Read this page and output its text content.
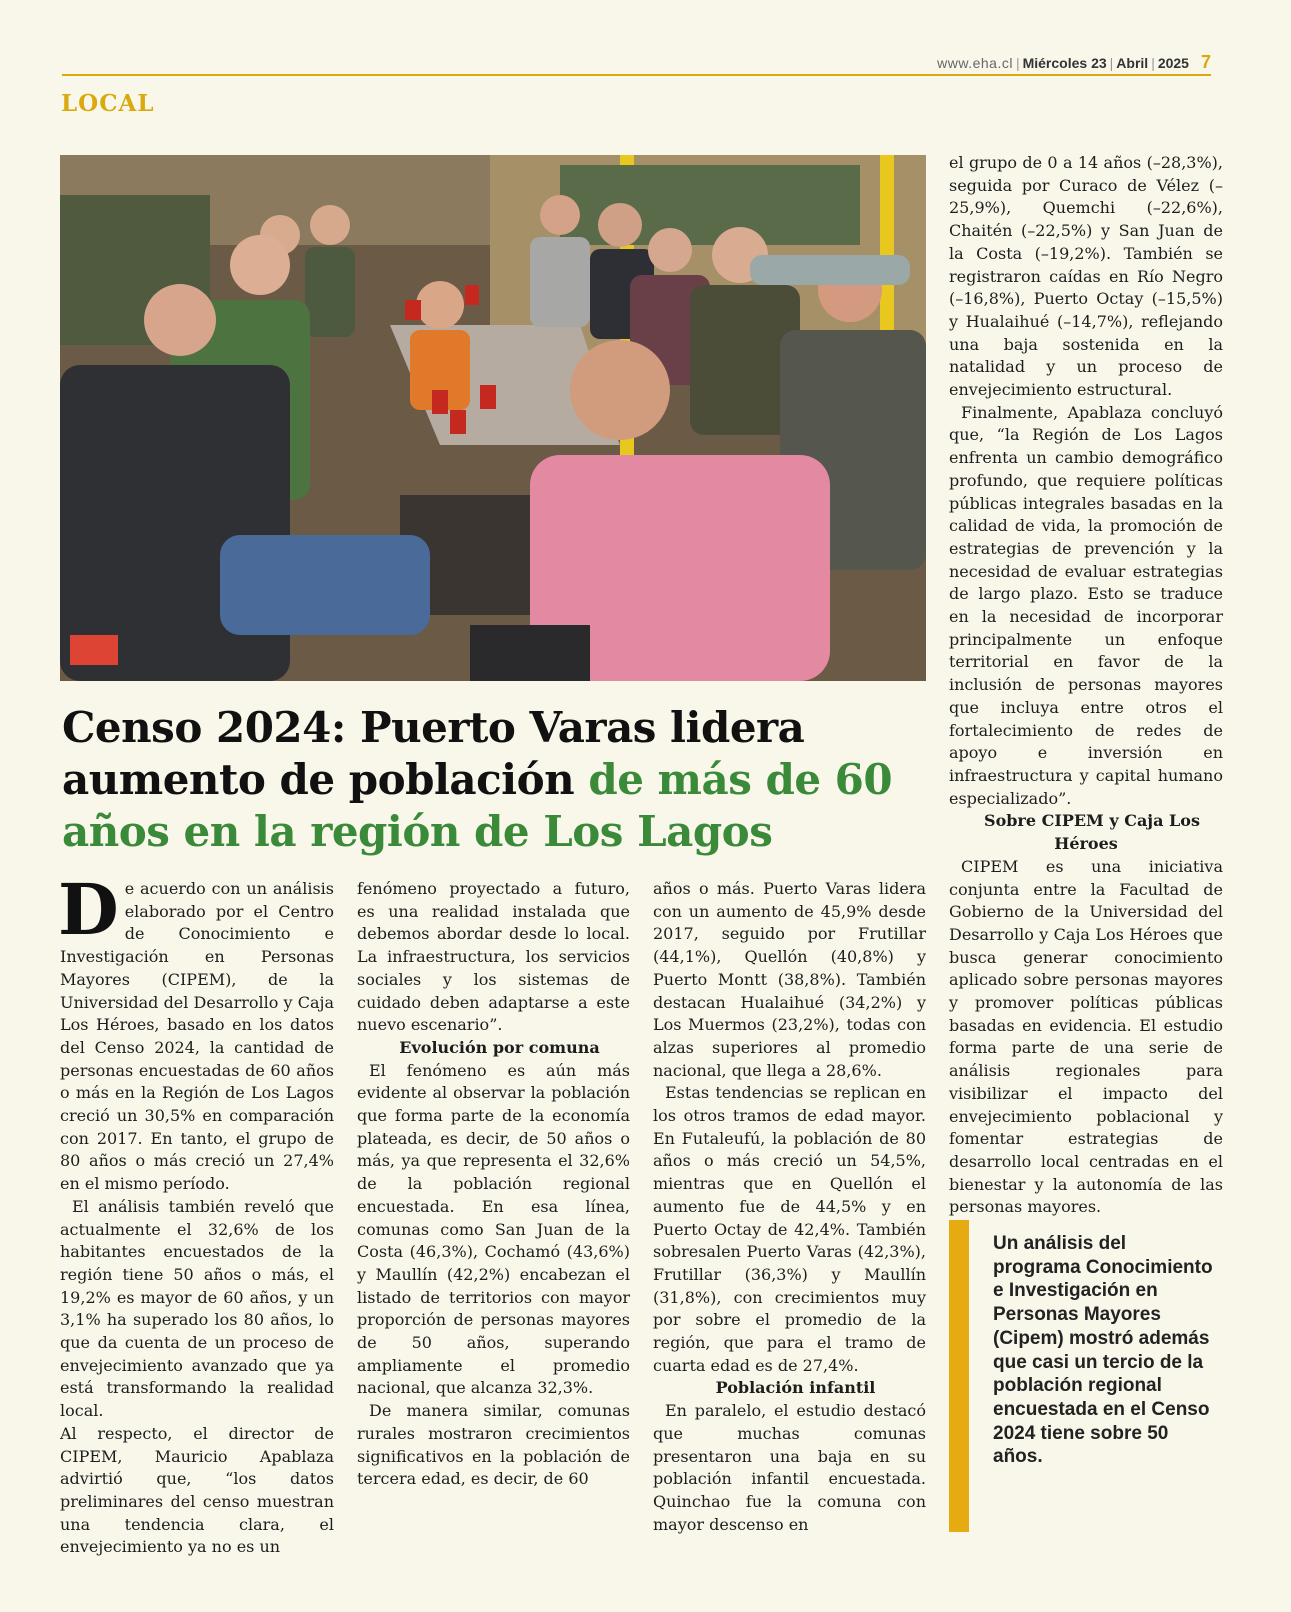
www.eha.cl | Miércoles 23 | Abril | 2025 7
LOCAL
Censo 2024: Puerto Varas lidera aumento de población de más de 60 años en la región de Los Lagos

De acuerdo con un análisis elaborado por el Centro de Conocimiento e Investigación en Personas Mayores (CIPEM), de la Universidad del Desarrollo y Caja Los Héroes, basado en los datos del Censo 2024, la cantidad de personas encuestadas de 60 años o más en la Región de Los Lagos creció un 30,5% en comparación con 2017. En tanto, el grupo de 80 años o más creció un 27,4% en el mismo período.

El análisis también reveló que actualmente el 32,6% de los habitantes encuestados de la región tiene 50 años o más, el 19,2% es mayor de 60 años, y un 3,1% ha superado los 80 años, lo que da cuenta de un proceso de envejecimiento avanzado que ya está transformando la realidad local.

Al respecto, el director de CIPEM, Mauricio Apablaza advirtió que, “los datos preliminares del censo muestran una tendencia clara, el envejecimiento ya no es un

fenómeno proyectado a futuro, es una realidad instalada que debemos abordar desde lo local. La infraestructura, los servicios sociales y los sistemas de cuidado deben adaptarse a este nuevo escenario”.

Evolución por comuna

El fenómeno es aún más evidente al observar la población que forma parte de la economía plateada, es decir, de 50 años o más, ya que representa el 32,6% de la población regional encuestada. En esa línea, comunas como San Juan de la Costa (46,3%), Cochamó (43,6%) y Maullín (42,2%) encabezan el listado de territorios con mayor proporción de personas mayores de 50 años, superando ampliamente el promedio nacional, que alcanza 32,3%.

De manera similar, comunas rurales mostraron crecimientos significativos en la población de tercera edad, es decir, de 60

años o más. Puerto Varas lidera con un aumento de 45,9% desde 2017, seguido por Frutillar (44,1%), Quellón (40,8%) y Puerto Montt (38,8%). También destacan Hualaihué (34,2%) y Los Muermos (23,2%), todas con alzas superiores al promedio nacional, que llega a 28,6%.

Estas tendencias se replican en los otros tramos de edad mayor. En Futaleufú, la población de 80 años o más creció un 54,5%, mientras que en Quellón el aumento fue de 44,5% y en Puerto Octay de 42,4%. También sobresalen Puerto Varas (42,3%), Frutillar (36,3%) y Maullín (31,8%), con crecimientos muy por sobre el promedio de la región, que para el tramo de cuarta edad es de 27,4%.

Población infantil

En paralelo, el estudio destacó que muchas comunas presentaron una baja en su población infantil encuestada. Quinchao fue la comuna con mayor descenso en

el grupo de 0 a 14 años (–28,3%), seguida por Curaco de Vélez (–25,9%), Quemchi (–22,6%), Chaitén (–22,5%) y San Juan de la Costa (–19,2%). También se registraron caídas en Río Negro (–16,8%), Puerto Octay (–15,5%) y Hualaihué (–14,7%), reflejando una baja sostenida en la natalidad y un proceso de envejecimiento estructural.

Finalmente, Apablaza concluyó que, “la Región de Los Lagos enfrenta un cambio demográfico profundo, que requiere políticas públicas integrales basadas en la calidad de vida, la promoción de estrategias de prevención y la necesidad de evaluar estrategias de largo plazo. Esto se traduce en la necesidad de incorporar principalmente un enfoque territorial en favor de la inclusión de personas mayores que incluya entre otros el fortalecimiento de redes de apoyo e inversión en infraestructura y capital humano especializado”.

Sobre CIPEM y Caja Los Héroes

CIPEM es una iniciativa conjunta entre la Facultad de Gobierno de la Universidad del Desarrollo y Caja Los Héroes que busca generar conocimiento aplicado sobre personas mayores y promover políticas públicas basadas en evidencia. El estudio forma parte de una serie de análisis regionales para visibilizar el impacto del envejecimiento poblacional y fomentar estrategias de desarrollo local centradas en el bienestar y la autonomía de las personas mayores.

Un análisis del programa Conocimiento e Investigación en Personas Mayores (Cipem) mostró además que casi un tercio de la población regional encuestada en el Censo 2024 tiene sobre 50 años.
